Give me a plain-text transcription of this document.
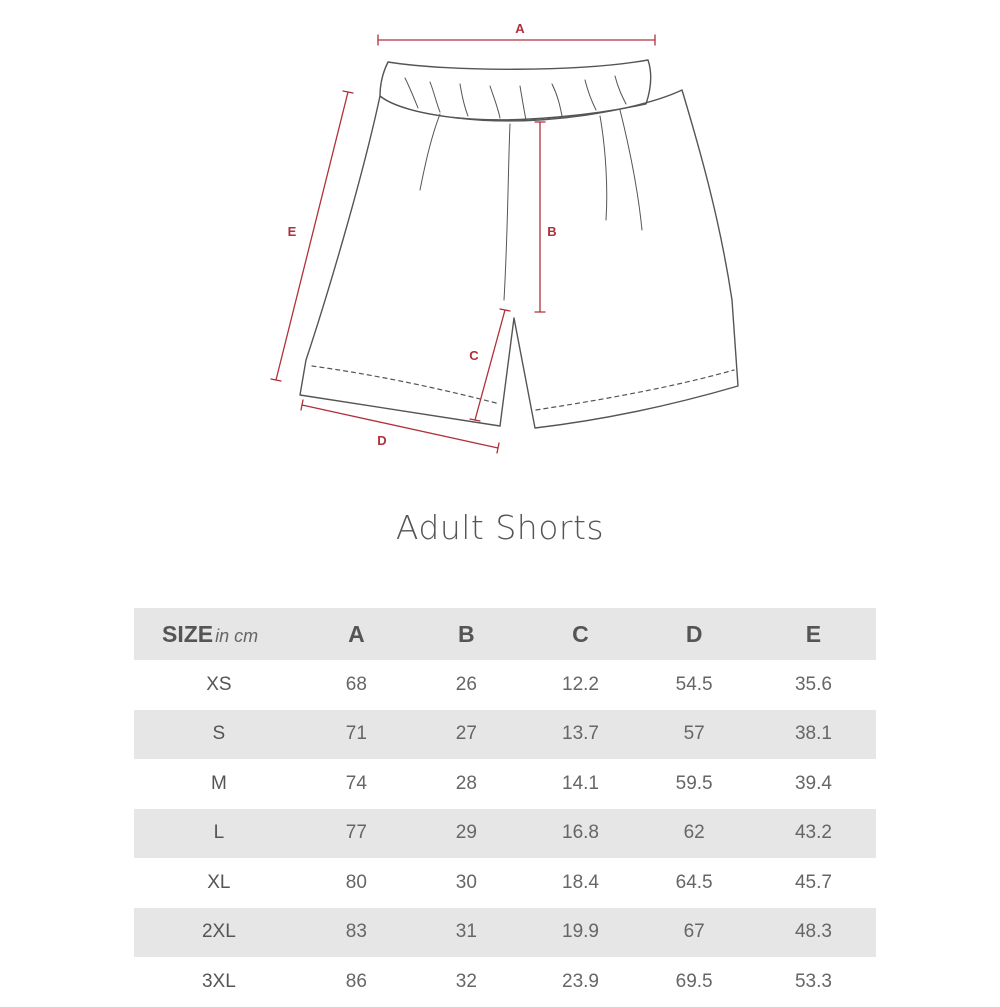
A
B
C
D
E
Adult Shorts
SIZE in cm	A	B	C	D	E
XS	68	26	12.2	54.5	35.6
S	71	27	13.7	57	38.1
M	74	28	14.1	59.5	39.4
L	77	29	16.8	62	43.2
XL	80	30	18.4	64.5	45.7
2XL	83	31	19.9	67	48.3
3XL	86	32	23.9	69.5	53.3
